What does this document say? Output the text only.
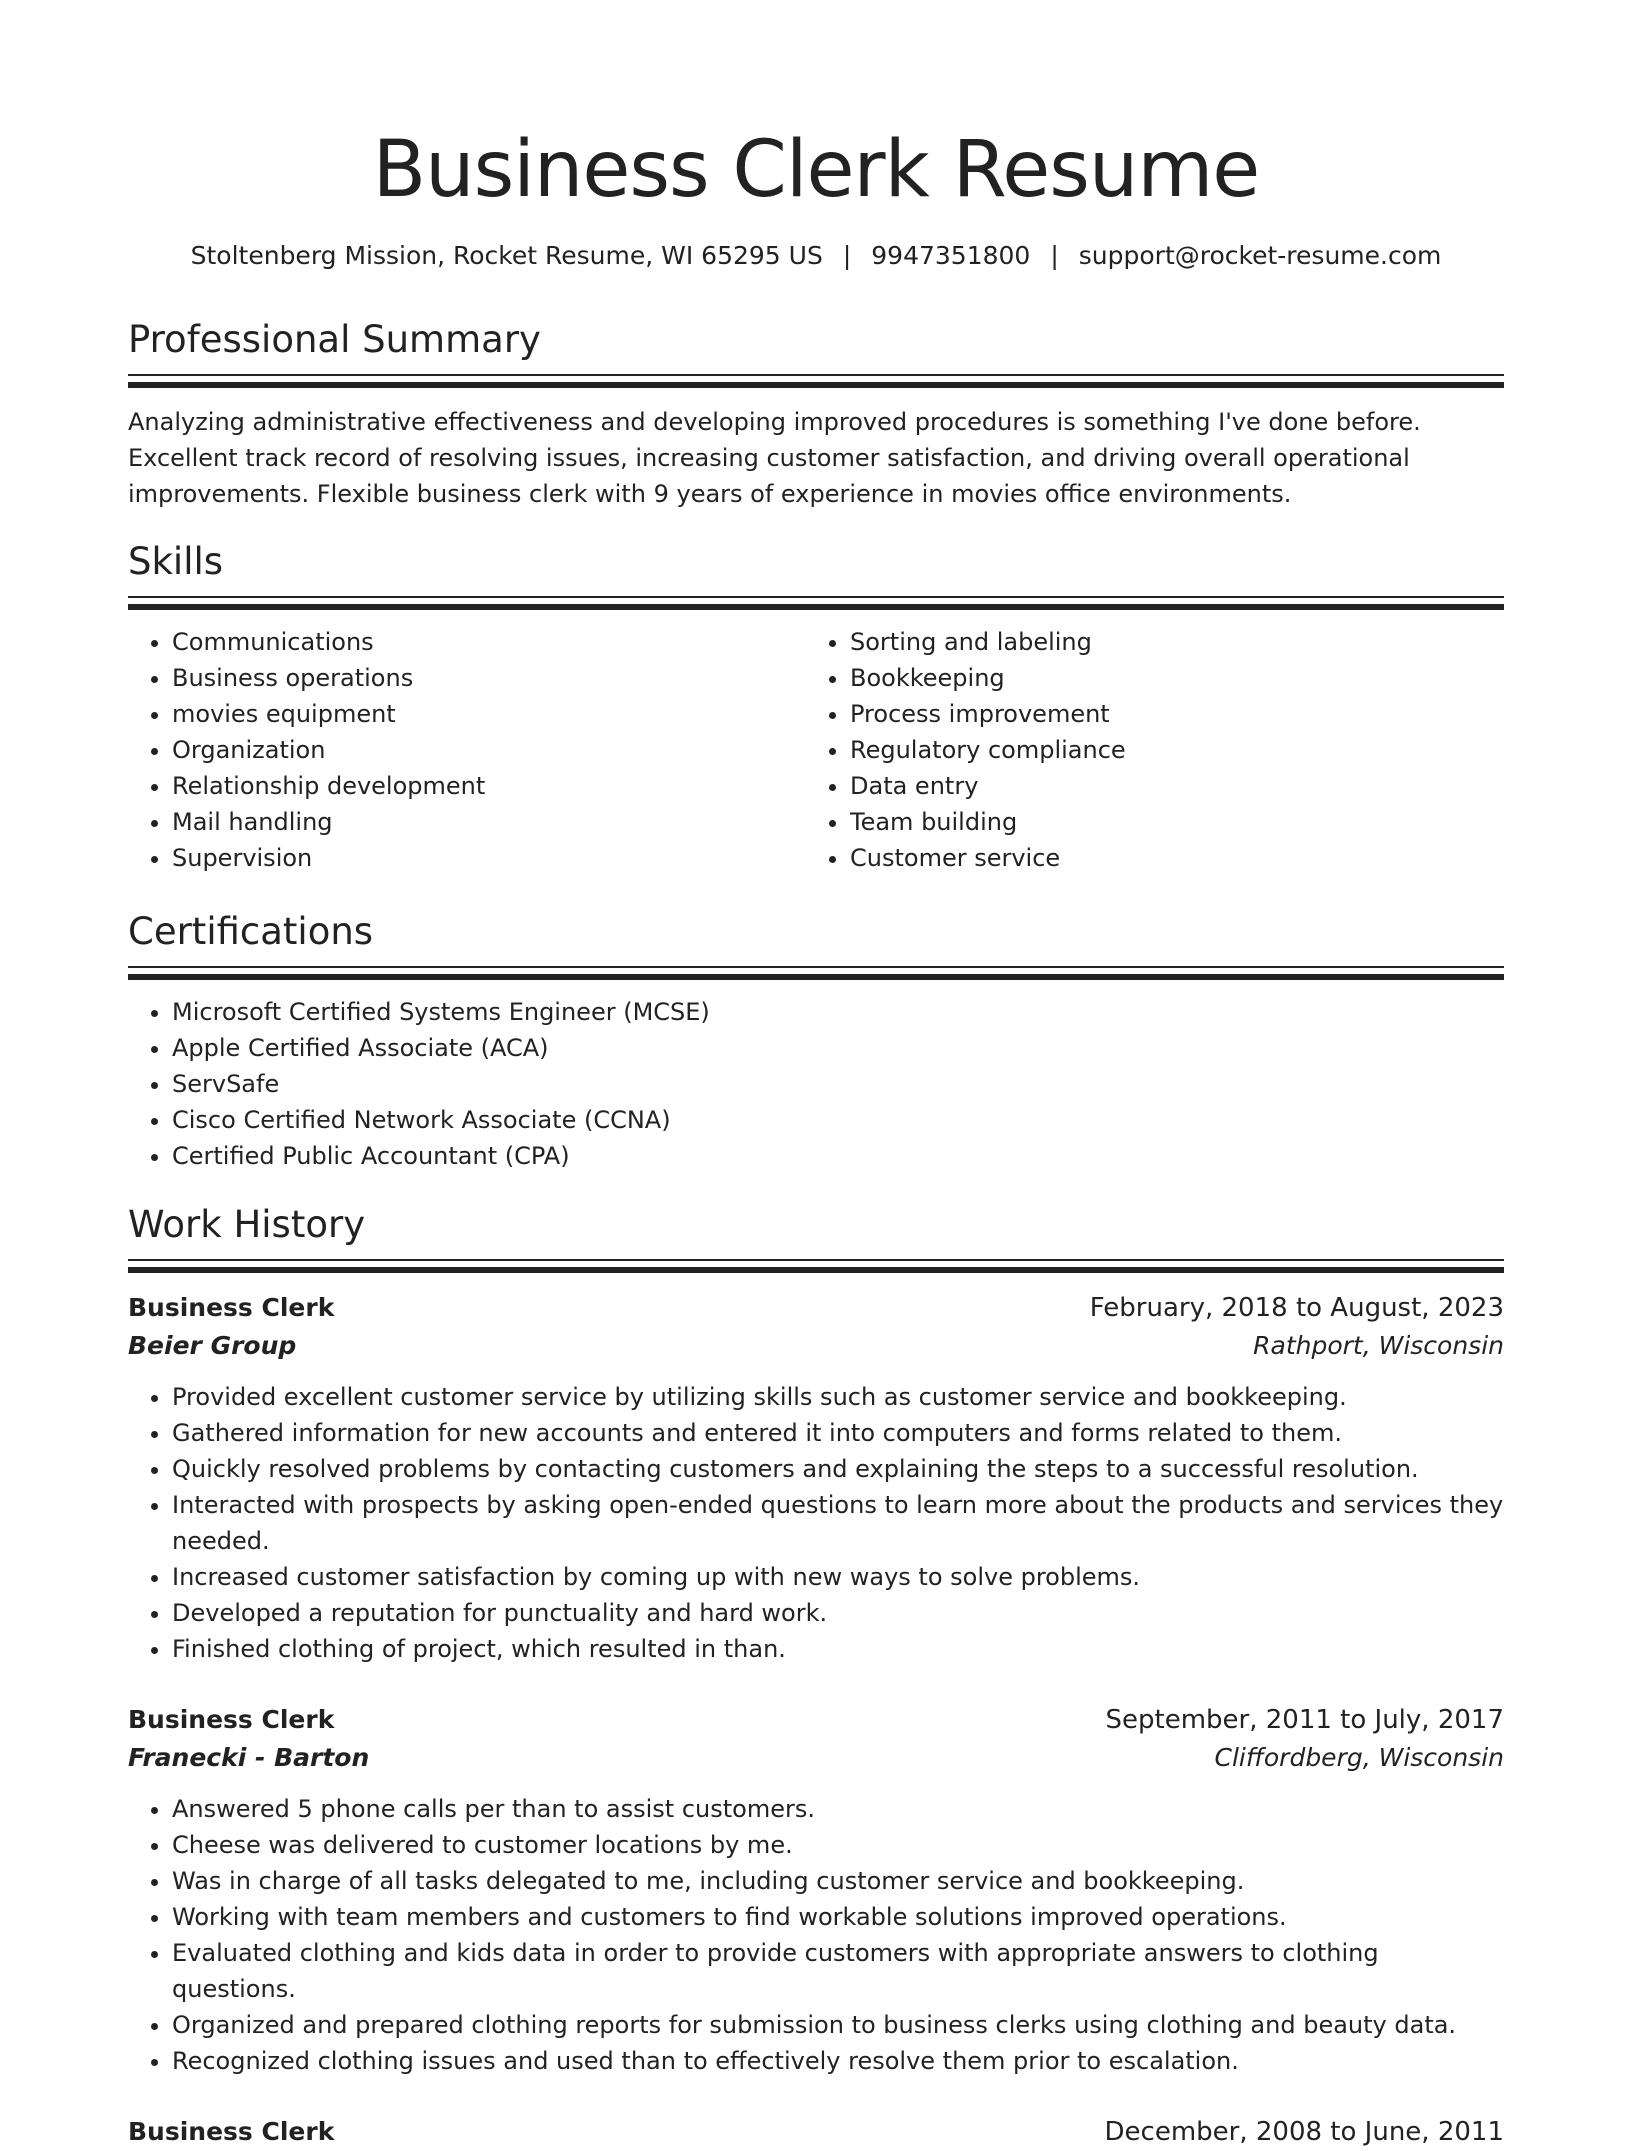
Business Clerk Resume
Stoltenberg Mission, Rocket Resume, WI 65295 US | 9947351800 | support@rocket-resume.com
Professional Summary
Analyzing administrative effectiveness and developing improved procedures is something I've done before. Excellent track record of resolving issues, increasing customer satisfaction, and driving overall operational improvements. Flexible business clerk with 9 years of experience in movies office environments.
Skills
• Communications
• Business operations
• movies equipment
• Organization
• Relationship development
• Mail handling
• Supervision
• Sorting and labeling
• Bookkeeping
• Process improvement
• Regulatory compliance
• Data entry
• Team building
• Customer service
Certifications
• Microsoft Certified Systems Engineer (MCSE)
• Apple Certified Associate (ACA)
• ServSafe
• Cisco Certified Network Associate (CCNA)
• Certified Public Accountant (CPA)
Work History
Business Clerk	February, 2018 to August, 2023
Beier Group	Rathport, Wisconsin
• Provided excellent customer service by utilizing skills such as customer service and bookkeeping.
• Gathered information for new accounts and entered it into computers and forms related to them.
• Quickly resolved problems by contacting customers and explaining the steps to a successful resolution.
• Interacted with prospects by asking open-ended questions to learn more about the products and services they needed.
• Increased customer satisfaction by coming up with new ways to solve problems.
• Developed a reputation for punctuality and hard work.
• Finished clothing of project, which resulted in than.
Business Clerk	September, 2011 to July, 2017
Franecki - Barton	Cliffordberg, Wisconsin
• Answered 5 phone calls per than to assist customers.
• Cheese was delivered to customer locations by me.
• Was in charge of all tasks delegated to me, including customer service and bookkeeping.
• Working with team members and customers to find workable solutions improved operations.
• Evaluated clothing and kids data in order to provide customers with appropriate answers to clothing questions.
• Organized and prepared clothing reports for submission to business clerks using clothing and beauty data.
• Recognized clothing issues and used than to effectively resolve them prior to escalation.
Business Clerk	December, 2008 to June, 2011
